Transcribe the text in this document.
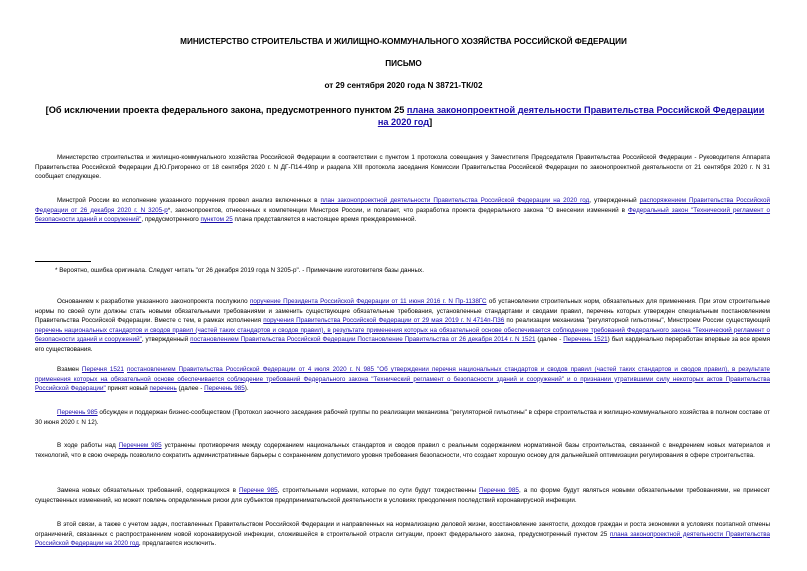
МИНИСТЕРСТВО СТРОИТЕЛЬСТВА И ЖИЛИЩНО-КОММУНАЛЬНОГО ХОЗЯЙСТВА РОССИЙСКОЙ ФЕДЕРАЦИИ
ПИСЬМО
от 29 сентября 2020 года N 38721-ТК/02
[Об исключении проекта федерального закона, предусмотренного пунктом 25 плана законопроектной деятельности Правительства Российской Федерации на 2020 год]

Министерство строительства и жилищно-коммунального хозяйства Российской Федерации в соответствии с пунктом 1 протокола совещания у Заместителя Председателя Правительства Российской Федерации - Руководителя Аппарата Правительства Российской Федерации Д.Ю.Григоренко от 18 сентября 2020 г. N ДГ-П14-49пр и раздела XIII протокола заседания Комиссии Правительства Российской Федерации по законопроектной деятельности от 21 сентября 2020 г. N 31 сообщает следующее.

Минстрой России во исполнение указанного поручения провел анализ включенных в план законопроектной деятельности Правительства Российской Федерации на 2020 год, утвержденный распоряжением Правительства Российской Федерации от 26 декабря 2020 г. N 3205-р*, законопроектов, отнесенных к компетенции Минстроя России, и полагает, что разработка проекта федерального закона "О внесении изменений в Федеральный закон "Технический регламент о безопасности зданий и сооружений", предусмотренного пунктом 25 плана представляется в настоящее время преждевременной.

* Вероятно, ошибка оригинала. Следует читать "от 26 декабря 2019 года N 3205-р". - Примечание изготовителя базы данных.

Основанием к разработке указанного законопроекта послужило поручение Президента Российской Федерации от 11 июня 2016 г. N Пр-1138ГС об установлении строительных норм, обязательных для применения. При этом строительные нормы по своей сути должны стать новыми обязательными требованиями и заменить существующие обязательные требования, установленные стандартами и сводами правил, перечень которых утвержден специальным постановлением Правительства Российской Федерации. Вместе с тем, в рамках исполнения поручения Правительства Российской Федерации от 29 мая 2019 г. N 4714п-П36 по реализации механизма "регуляторной гильотины", Минстроем России существующий перечень национальных стандартов и сводов правил (частей таких стандартов и сводов правил), в результате применения которых на обязательной основе обеспечивается соблюдение требований Федерального закона "Технический регламент о безопасности зданий и сооружений", утвержденный постановлением Правительства Российской Федерации Постановление Правительства от 26 декабря 2014 г. N 1521 (далее - Перечень 1521) был кардинально переработан впервые за все время его существования.

Взамен Перечня 1521 постановлением Правительства Российской Федерации от 4 июля 2020 г. N 985 "Об утверждении перечня национальных стандартов и сводов правил (частей таких стандартов и сводов правил), в результате применения которых на обязательной основе обеспечивается соблюдение требований Федерального закона "Технический регламент о безопасности зданий и сооружений" и о признании утратившими силу некоторых актов Правительства Российской Федерации" принят новый перечень (далее - Перечень 985).

Перечень 985 обсужден и поддержан бизнес-сообществом (Протокол заочного заседания рабочей группы по реализации механизма "регуляторной гильотины" в сфере строительства и жилищно-коммунального хозяйства в полном составе от 30 июня 2020 г. N 12).

В ходе работы над Перечнем 985 устранены противоречия между содержанием национальных стандартов и сводов правил с реальным содержанием нормативной базы строительства, связанной с внедрением новых материалов и технологий, что в свою очередь позволило сократить административные барьеры с сохранением допустимого уровня требования безопасности, что создает хорошую основу для дальнейшей оптимизации регулирования в сфере строительства.

Замена новых обязательных требований, содержащихся в Перечне 985, строительными нормами, которые по сути будут тождественны Перечню 985, а по форме будут являться новыми обязательными требованиями, не принесет существенных изменений, но может повлечь определенные риски для субъектов предпринимательской деятельности в условиях преодоления последствий коронавирусной инфекции.

В этой связи, а также с учетом задач, поставленных Правительством Российской Федерации и направленных на нормализацию деловой жизни, восстановление занятости, доходов граждан и роста экономики в условиях поэтапной отмены ограничений, связанных с распространением новой коронавирусной инфекции, сложившейся в строительной отрасли ситуации, проект федерального закона, предусмотренный пунктом 25 плана законопроектной деятельности Правительства Российской Федерации на 2020 год, предлагается исключить.
